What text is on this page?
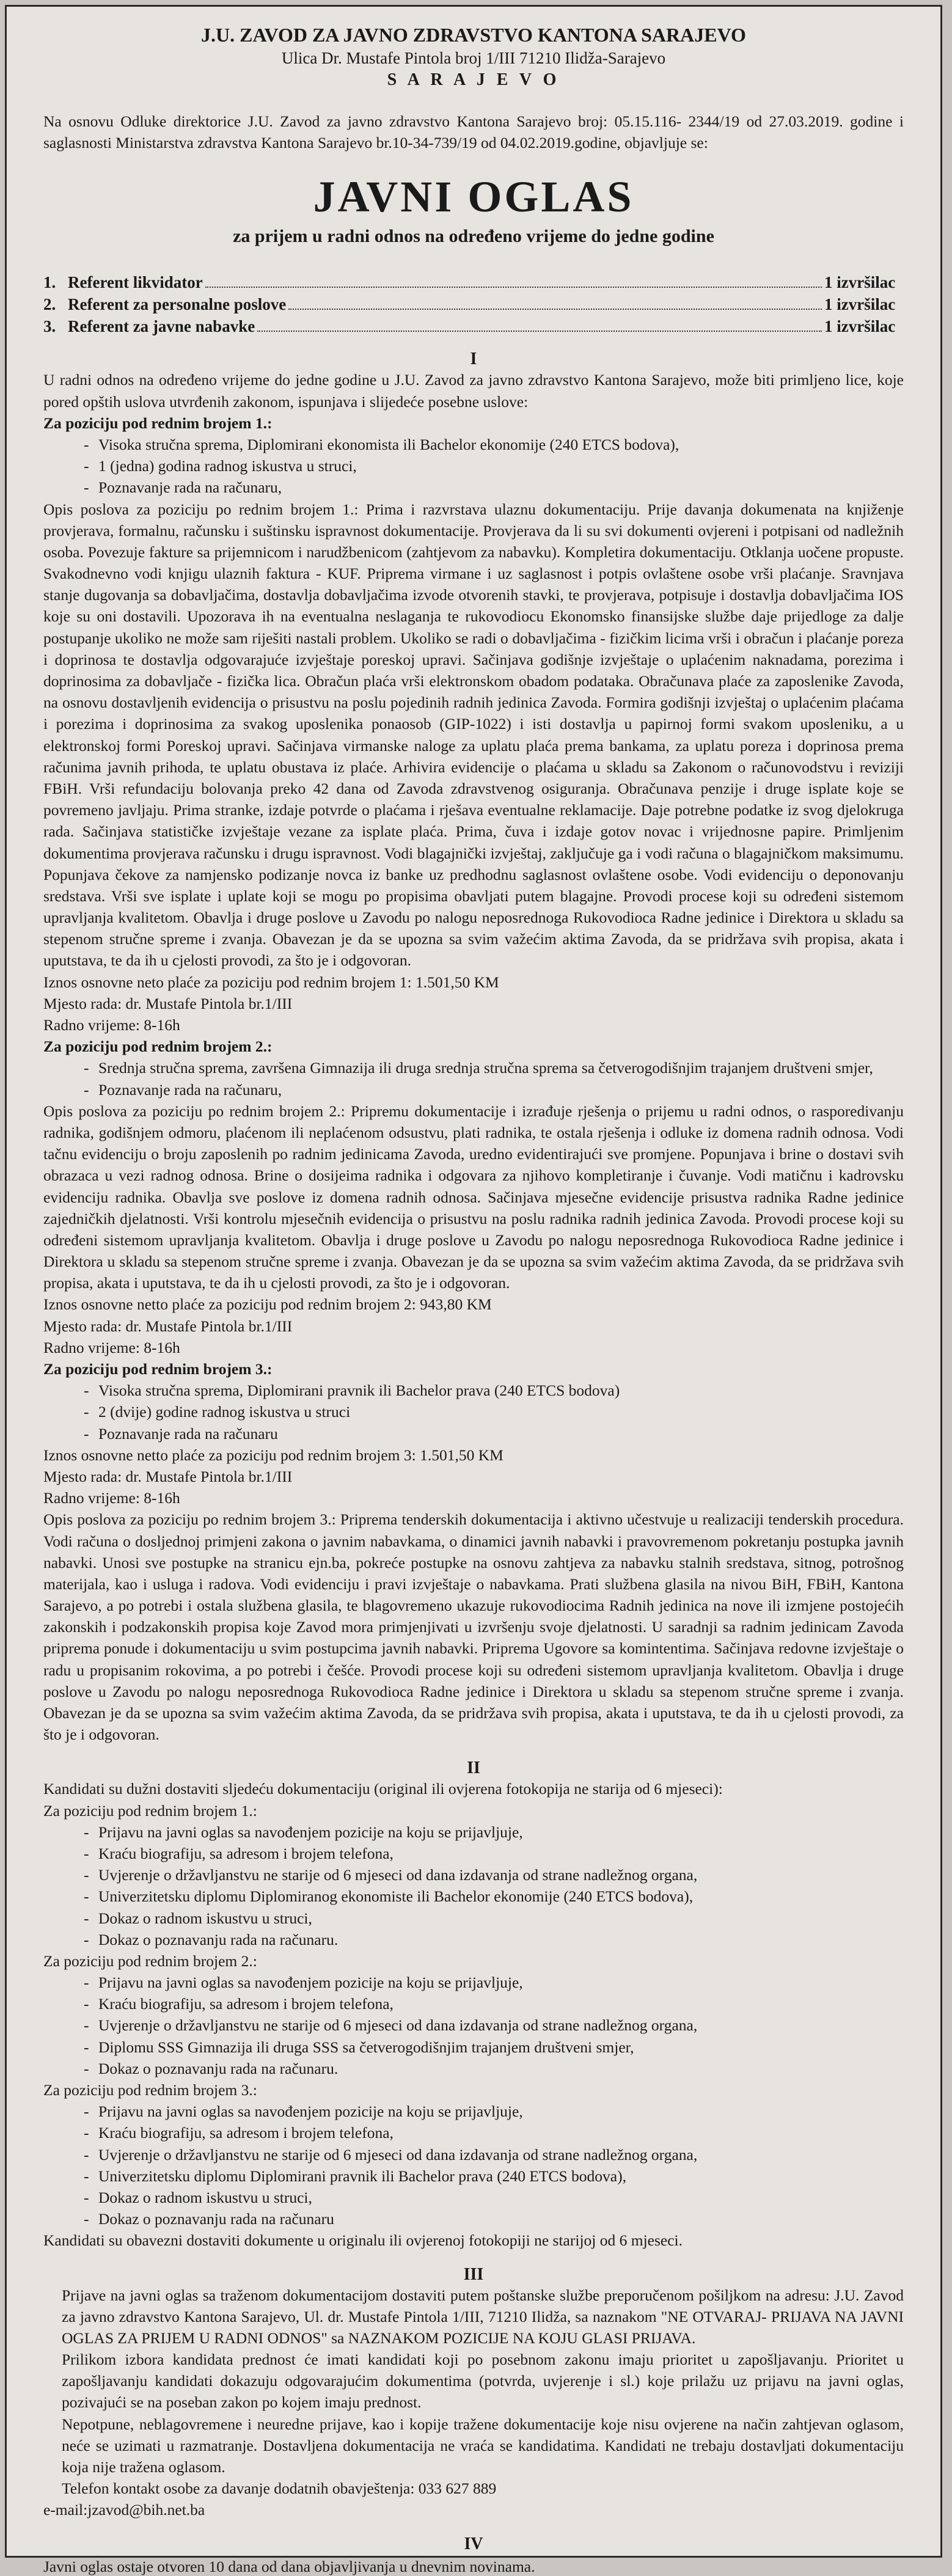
J.U. ZAVOD ZA JAVNO ZDRAVSTVO KANTONA SARAJEVO
Ulica Dr. Mustafe Pintola broj 1/III 71210 Ilidža-Sarajevo
S A R A J E V O
Na osnovu Odluke direktorice J.U. Zavod za javno zdravstvo Kantona Sarajevo broj: 05.15.116- 2344/19 od 27.03.2019. godine i saglasnosti Ministarstva zdravstva Kantona Sarajevo br.10-34-739/19 od 04.02.2019.godine, objavljuje se:
JAVNI OGLAS
za prijem u radni odnos na određeno vrijeme do jedne godine
1. Referent likvidator	1 izvršilac
2. Referent za personalne poslove	1 izvršilac
3. Referent za javne nabavke	1 izvršilac
I
U radni odnos na određeno vrijeme do jedne godine u J.U. Zavod za javno zdravstvo Kantona Sarajevo, može biti primljeno lice, koje pored opštih uslova utvrđenih zakonom, ispunjava i slijedeće posebne uslove:
Za poziciju pod rednim brojem 1.:
- Visoka stručna sprema, Diplomirani ekonomista ili Bachelor ekonomije (240 ETCS bodova),
- 1 (jedna) godina radnog iskustva u struci,
- Poznavanje rada na računaru,
Opis poslova za poziciju po rednim brojem 1.: Prima i razvrstava ulaznu dokumentaciju. Prije davanja dokumenata na knjiženje provjerava, formalnu, računsku i suštinsku ispravnost dokumentacije. Provjerava da li su svi dokumenti ovjereni i potpisani od nadležnih osoba. Povezuje fakture sa prijemnicom i narudžbenicom (zahtjevom za nabavku). Kompletira dokumentaciju. Otklanja uočene propuste. Svakodnevno vodi knjigu ulaznih faktura - KUF. Priprema virmane i uz saglasnost i potpis ovlaštene osobe vrši plaćanje. Sravnjava stanje dugovanja sa dobavljačima, dostavlja dobavljačima izvode otvorenih stavki, te provjerava, potpisuje i dostavlja dobavljačima IOS koje su oni dostavili. Upozorava ih na eventualna neslaganja te rukovodiocu Ekonomsko finansijske službe daje prijedloge za dalje postupanje ukoliko ne može sam riješiti nastali problem. Ukoliko se radi o dobavljačima - fizičkim licima vrši i obračun i plaćanje poreza i doprinosa te dostavlja odgovarajuće izvještaje poreskoj upravi. Sačinjava godišnje izvještaje o uplaćenim naknadama, porezima i doprinosima za dobavljače - fizička lica. Obračun plaća vrši elektronskom obadom podataka. Obračunava plaće za zaposlenike Zavoda, na osnovu dostavljenih evidencija o prisustvu na poslu pojedinih radnih jedinica Zavoda. Formira godišnji izvještaj o uplaćenim plaćama i porezima i doprinosima za svakog uposlenika ponaosob (GIP-1022) i isti dostavlja u papirnoj formi svakom uposleniku, a u elektronskoj formi Poreskoj upravi. Sačinjava virmanske naloge za uplatu plaća prema bankama, za uplatu poreza i doprinosa prema računima javnih prihoda, te uplatu obustava iz plaće. Arhivira evidencije o plaćama u skladu sa Zakonom o računovodstvu i reviziji FBiH. Vrši refundaciju bolovanja preko 42 dana od Zavoda zdravstvenog osiguranja. Obračunava penzije i druge isplate koje se povremeno javljaju. Prima stranke, izdaje potvrde o plaćama i rješava eventualne reklamacije. Daje potrebne podatke iz svog djelokruga rada. Sačinjava statističke izvještaje vezane za isplate plaća. Prima, čuva i izdaje gotov novac i vrijednosne papire. Primljenim dokumentima provjerava računsku i drugu ispravnost. Vodi blagajnički izvještaj, zaključuje ga i vodi računa o blagajničkom maksimumu. Popunjava čekove za namjensko podizanje novca iz banke uz predhodnu saglasnost ovlaštene osobe. Vodi evidenciju o deponovanju sredstava. Vrši sve isplate i uplate koji se mogu po propisima obavljati putem blagajne. Provodi procese koji su određeni sistemom upravljanja kvalitetom. Obavlja i druge poslove u Zavodu po nalogu neposrednoga Rukovodioca Radne jedinice i Direktora u skladu sa stepenom stručne spreme i zvanja. Obavezan je da se upozna sa svim važećim aktima Zavoda, da se pridržava svih propisa, akata i uputstava, te da ih u cjelosti provodi, za što je i odgovoran.
Iznos osnovne neto plaće za poziciju pod rednim brojem 1: 1.501,50 KM
Mjesto rada: dr. Mustafe Pintola br.1/III
Radno vrijeme: 8-16h
Za poziciju pod rednim brojem 2.:
- Srednja stručna sprema, završena Gimnazija ili druga srednja stručna sprema sa četverogodišnjim trajanjem društveni smjer,
- Poznavanje rada na računaru,
Opis poslova za poziciju po rednim brojem 2.: Pripremu dokumentacije i izrađuje rješenja o prijemu u radni odnos, o rasporedivanju radnika, godišnjem odmoru, plaćenom ili neplaćenom odsustvu, plati radnika, te ostala rješenja i odluke iz domena radnih odnosa. Vodi tačnu evidenciju o broju zaposlenih po radnim jedinicama Zavoda, uredno evidentirajući sve promjene. Popunjava i brine o dostavi svih obrazaca u vezi radnog odnosa. Brine o dosijeima radnika i odgovara za njihovo kompletiranje i čuvanje. Vodi matičnu i kadrovsku evidenciju radnika. Obavlja sve poslove iz domena radnih odnosa. Sačinjava mjesečne evidencije prisustva radnika Radne jedinice zajedničkih djelatnosti. Vrši kontrolu mjesečnih evidencija o prisustvu na poslu radnika radnih jedinica Zavoda. Provodi procese koji su određeni sistemom upravljanja kvalitetom. Obavlja i druge poslove u Zavodu po nalogu neposrednoga Rukovodioca Radne jedinice i Direktora u skladu sa stepenom stručne spreme i zvanja. Obavezan je da se upozna sa svim važećim aktima Zavoda, da se pridržava svih propisa, akata i uputstava, te da ih u cjelosti provodi, za što je i odgovoran.
Iznos osnovne netto plaće za poziciju pod rednim brojem 2: 943,80 KM
Mjesto rada: dr. Mustafe Pintola br.1/III
Radno vrijeme: 8-16h
Za poziciju pod rednim brojem 3.:
- Visoka stručna sprema, Diplomirani pravnik ili Bachelor prava (240 ETCS bodova)
- 2 (dvije) godine radnog iskustva u struci
- Poznavanje rada na računaru
Iznos osnovne netto plaće za poziciju pod rednim brojem 3: 1.501,50 KM
Mjesto rada: dr. Mustafe Pintola br.1/III
Radno vrijeme: 8-16h
Opis poslova za poziciju po rednim brojem 3.: Priprema tenderskih dokumentacija i aktivno učestvuje u realizaciji tenderskih procedura. Vodi računa o dosljednoj primjeni zakona o javnim nabavkama, o dinamici javnih nabavki i pravovremenom pokretanju postupka javnih nabavki. Unosi sve postupke na stranicu ejn.ba, pokreće postupke na osnovu zahtjeva za nabavku stalnih sredstava, sitnog, potrošnog materijala, kao i usluga i radova. Vodi evidenciju i pravi izvještaje o nabavkama. Prati službena glasila na nivou BiH, FBiH, Kantona Sarajevo, a po potrebi i ostala službena glasila, te blagovremeno ukazuje rukovodiocima Radnih jedinica na nove ili izmjene postojećih zakonskih i podzakonskih propisa koje Zavod mora primjenjivati u izvršenju svoje djelatnosti. U saradnji sa radnim jedinicam Zavoda priprema ponude i dokumentaciju u svim postupcima javnih nabavki. Priprema Ugovore sa komintentima. Sačinjava redovne izvještaje o radu u propisanim rokovima, a po potrebi i češće. Provodi procese koji su određeni sistemom upravljanja kvalitetom. Obavlja i druge poslove u Zavodu po nalogu neposrednoga Rukovodioca Radne jedinice i Direktora u skladu sa stepenom stručne spreme i zvanja. Obavezan je da se upozna sa svim važećim aktima Zavoda, da se pridržava svih propisa, akata i uputstava, te da ih u cjelosti provodi, za što je i odgovoran.
II
Kandidati su dužni dostaviti sljedeću dokumentaciju (original ili ovjerena fotokopija ne starija od 6 mjeseci):
Za poziciju pod rednim brojem 1.:
- Prijavu na javni oglas sa navođenjem pozicije na koju se prijavljuje,
- Kraću biografiju, sa adresom i brojem telefona,
- Uvjerenje o državljanstvu ne starije od 6 mjeseci od dana izdavanja od strane nadležnog organa,
- Univerzitetsku diplomu Diplomiranog ekonomiste ili Bachelor ekonomije (240 ETCS bodova),
- Dokaz o radnom iskustvu u struci,
- Dokaz o poznavanju rada na računaru.
Za poziciju pod rednim brojem 2.:
- Prijavu na javni oglas sa navođenjem pozicije na koju se prijavljuje,
- Kraću biografiju, sa adresom i brojem telefona,
- Uvjerenje o državljanstvu ne starije od 6 mjeseci od dana izdavanja od strane nadležnog organa,
- Diplomu SSS Gimnazija ili druga SSS sa četverogodišnjim trajanjem društveni smjer,
- Dokaz o poznavanju rada na računaru.
Za poziciju pod rednim brojem 3.:
- Prijavu na javni oglas sa navođenjem pozicije na koju se prijavljuje,
- Kraću biografiju, sa adresom i brojem telefona,
- Uvjerenje o državljanstvu ne starije od 6 mjeseci od dana izdavanja od strane nadležnog organa,
- Univerzitetsku diplomu Diplomirani pravnik ili Bachelor prava (240 ETCS bodova),
- Dokaz o radnom iskustvu u struci,
- Dokaz o poznavanju rada na računaru
Kandidati su obavezni dostaviti dokumente u originalu ili ovjerenoj fotokopiji ne starijoj od 6 mjeseci.
III
Prijave na javni oglas sa traženom dokumentacijom dostaviti putem poštanske službe preporučenom pošiljkom na adresu: J.U. Zavod za javno zdravstvo Kantona Sarajevo, Ul. dr. Mustafe Pintola 1/III, 71210 Ilidža, sa naznakom "NE OTVARAJ- PRIJAVA NA JAVNI OGLAS ZA PRIJEM U RADNI ODNOS" sa NAZNAKOM POZICIJE NA KOJU GLASI PRIJAVA.
Prilikom izbora kandidata prednost će imati kandidati koji po posebnom zakonu imaju prioritet u zapošljavanju. Prioritet u zapošljavanju kandidati dokazuju odgovarajućim dokumentima (potvrda, uvjerenje i sl.) koje prilažu uz prijavu na javni oglas, pozivajući se na poseban zakon po kojem imaju prednost.
Nepotpune, neblagovremene i neuredne prijave, kao i kopije tražene dokumentacije koje nisu ovjerene na način zahtjevan oglasom, neće se uzimati u razmatranje. Dostavljena dokumentacija ne vraća se kandidatima. Kandidati ne trebaju dostavljati dokumentaciju koja nije tražena oglasom.
Telefon kontakt osobe za davanje dodatnih obavještenja: 033 627 889
e-mail:jzavod@bih.net.ba
IV
Javni oglas ostaje otvoren 10 dana od dana objavljivanja u dnevnim novinama.
